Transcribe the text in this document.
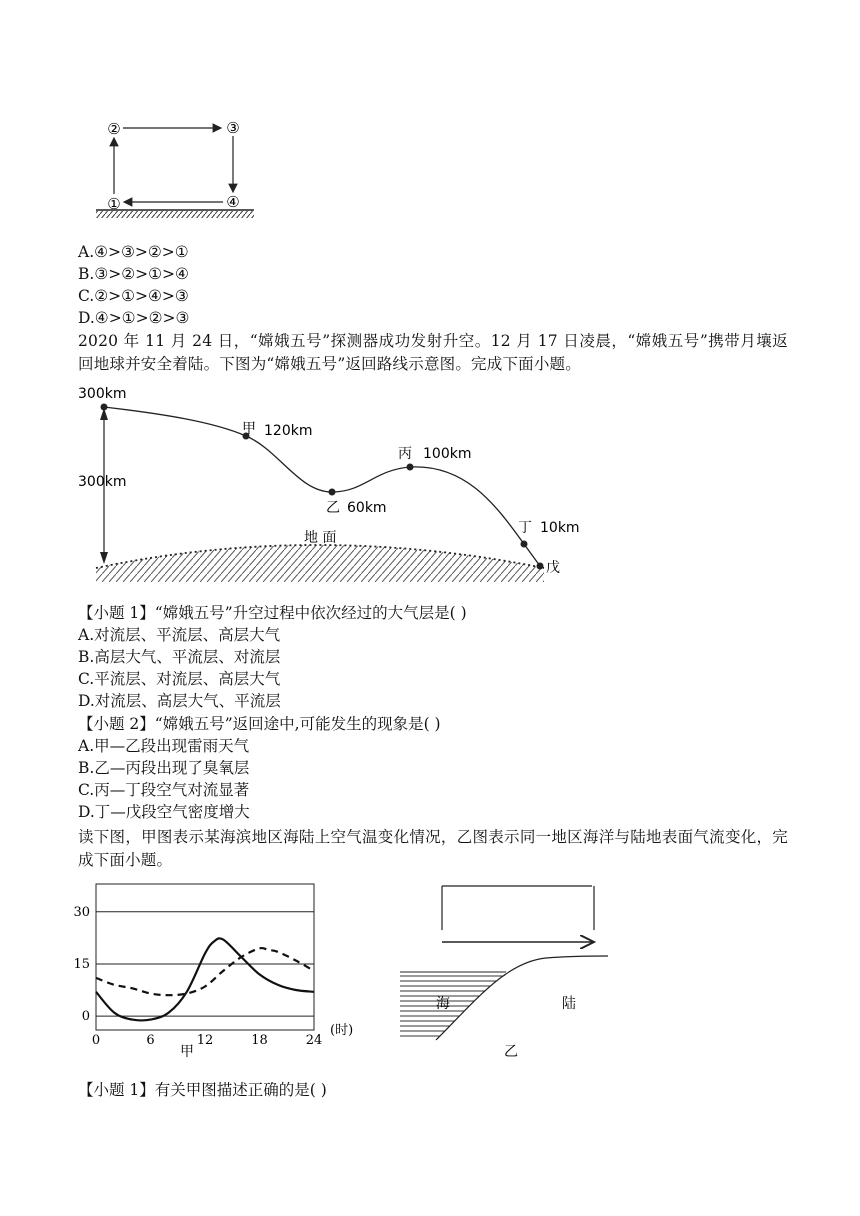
②	③
④
①
A.④>③>②>①
B.③>②>①>④
C.②>①>④>③
D.④>①>②>③
2020 年 11 月 24 日，“嫦娥五号”探测器成功发射升空。12 月 17 日凌晨，“嫦娥五号”携带月壤返回地球并安全着陆。下图为“嫦娥五号”返回路线示意图。完成下面小题。
300km
300km
地 面
甲 120km
乙 60km
丙 100km
丁 10km
戊
【小题 1】“嫦娥五号”升空过程中依次经过的大气层是( )
A.对流层、平流层、高层大气
B.高层大气、平流层、对流层
C.平流层、对流层、高层大气
D.对流层、高层大气、平流层
【小题 2】“嫦娥五号”返回途中,可能发生的现象是( )
A.甲—乙段出现雷雨天气
B.乙—丙段出现了臭氧层
C.丙—丁段空气对流显著
D.丁—戊段空气密度增大
读下图，甲图表示某海滨地区海陆上空气温变化情况，乙图表示同一地区海洋与陆地表面气流变化，完成下面小题。
0
15
30
0	6	12	18	24
(时)
甲
海	陆
乙
【小题 1】有关甲图描述正确的是( )
